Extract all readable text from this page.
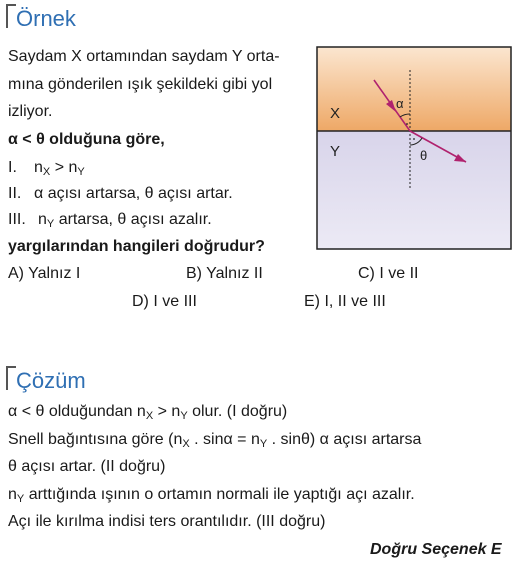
Örnek
Saydam X ortamından saydam Y orta-
mına gönderilen ışık şekildeki gibi yol
izliyor.
α < θ olduğuna göre,
I. $n_X > n_Y$
II. α açısı artarsa, θ açısı artar.
III. $n_Y$ artarsa, θ açısı azalır.
yargılarından hangileri doğrudur?
A) Yalnız I	B) Yalnız II	C) I ve II
D) I ve III	E) I, II ve III
X
Y
α
θ
Çözüm
α < θ olduğundan $n_X > n_Y$ olur. (I doğru)
Snell bağıntısına göre ($n_X$ . $\sin\alpha = n_Y$ . sinθ) α açısı artarsa
θ açısı artar. (II doğru)
$n_Y$ arttığında ışının o ortamın normali ile yaptığı açı azalır.
Açı ile kırılma indisi ters orantılıdır. (III doğru)
Doğru Seçenek E
